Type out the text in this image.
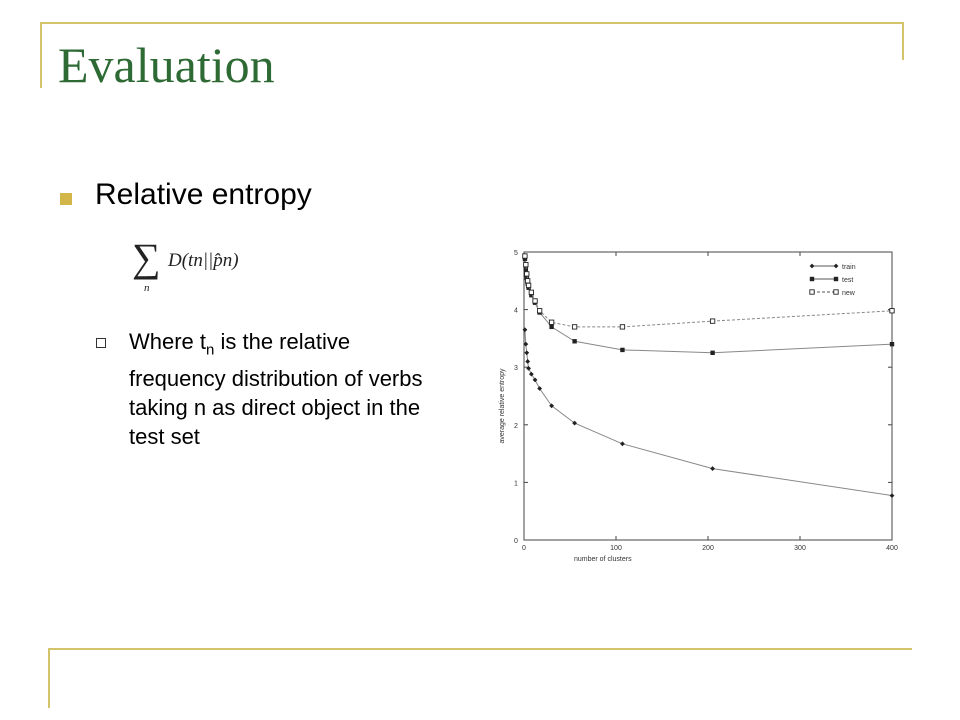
Evaluation
Relative entropy
∑
n
D(tn||p̂n)
Where $t_n$ is the relative frequency distribution of verbs taking n as direct object in the test set
0	100	200	300	400
0
1
2
3
4
5
number of clusters
average relative entropy
train
test
new
